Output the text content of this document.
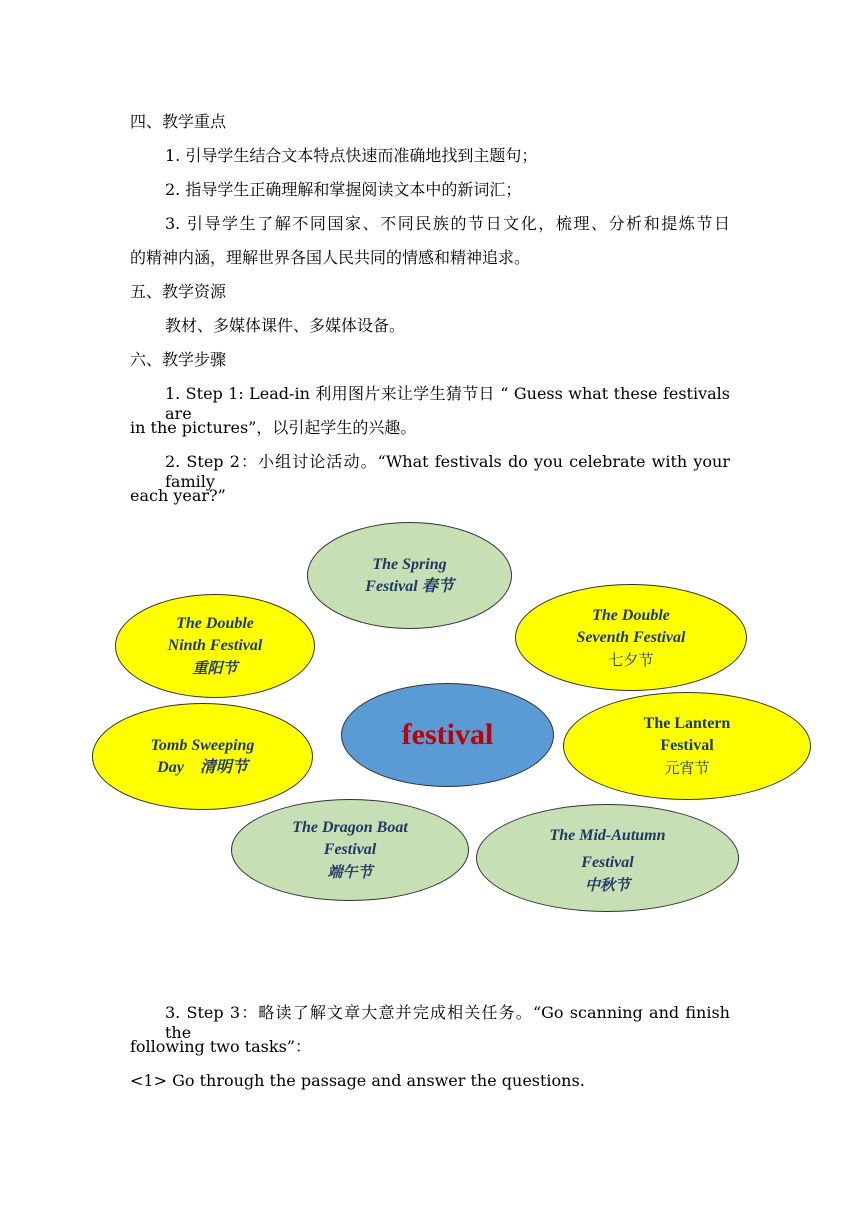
四、教学重点
1. 引导学生结合文本特点快速而准确地找到主题句；
2. 指导学生正确理解和掌握阅读文本中的新词汇；
3. 引导学生了解不同国家、不同民族的节日文化，梳理、分析和提炼节日
的精神内涵，理解世界各国人民共同的情感和精神追求。
五、教学资源
教材、多媒体课件、多媒体设备。
六、教学步骤
1. Step 1: Lead-in 利用图片来让学生猜节日 “ Guess what these festivals are
in the pictures”，以引起学生的兴趣。
2. Step 2：小组讨论活动。“What festivals do you celebrate with your family
each year?”
The Spring
Festival 春节
The Double
Ninth Festival
重阳节
The Double
Seventh Festival
七夕节
festival
Tomb Sweeping
Day    清明节
The Lantern
Festival
元宵节
The Dragon Boat
Festival
端午节
The Mid-Autumn
Festival
中秋节
3. Step 3：略读了解文章大意并完成相关任务。“Go scanning and finish the
following two tasks”：
<1> Go through the passage and answer the questions.
